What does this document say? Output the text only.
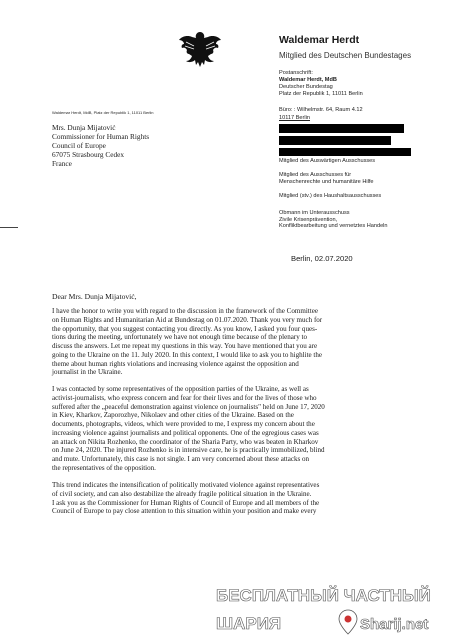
Waldemar Herdt
Mitglied des Deutschen Bundestages
Postanschrift:
Waldemar Herdt, MdB
Deutscher Bundestag
Platz der Republik 1, 11011 Berlin
Büro: : Wilhelmstr. 64, Raum 4.12
10117 Berlin
Mitglied des Auswärtigen Ausschusses
Mitglied des Ausschusses für
Menschenrechte und humanitäre Hilfe
Mitglied (stv.) des Haushaltsausschusses
Obmann im Unterausschuss
Zivile Krisenprävention,
Konfliktbearbeitung und vernetztes Handeln
Waldemar Herdt, MdB, Platz der Republik 1, 11011 Berlin
Mrs. Dunja Mijatović
Commissioner for Human Rights
Council of Europe
67075 Strasbourg Cedex
France
Berlin, 02.07.2020
Dear Mrs. Dunja Mijatović,
I have the honor to write you with regard to the discussion in the framework of the Committee
on Human Rights and Humanitarian Aid at Bundestag on 01.07.2020. Thank you very much for
the opportunity, that you suggest contacting you directly. As you know, I asked you four ques-
tions during the meeting, unfortunately we have not enough time because of the plenary to
discuss the answers. Let me repeat my questions in this way. You have mentioned that you are
going to the Ukraine on the 11. July 2020. In this context, I would like to ask you to highlite the
theme about human rights violations and increasing violence against the opposition and
journalist in the Ukraine.
I was contacted by some representatives of the opposition parties of the Ukraine, as well as
activist-journalists, who express concern and fear for their lives and for the lives of those who
suffered after the „peaceful demonstration against violence on journalists" held on June 17, 2020
in Kiev, Kharkov, Zaporozhye, Nikolaev and other cities of the Ukraine. Based on the
documents, photographs, videos, which were provided to me, I express my concern about the
increasing violence against journalists and political opponents. One of the egregious cases was
an attack on Nikita Rozhenko, the coordinator of the Sharia Party, who was beaten in Kharkov
on June 24, 2020. The injured Rozhenko is in intensive care, he is practically immobilized, blind
and mute. Unfortunately, this case is not single. I am very concerned about these attacks on
the representatives of the opposition.
This trend indicates the intensification of politically motivated violence against representatives
of civil society, and can also destabilize the already fragile political situation in the Ukraine.
I ask you as the Commissioner for Human Rights of Council of Europe and all members of the
Council of Europe to pay close attention to this situation within your position and make every
БЕСПЛАТНЫЙ ЧАСТНЫЙ
ШАРИЯ	Sharij.net
